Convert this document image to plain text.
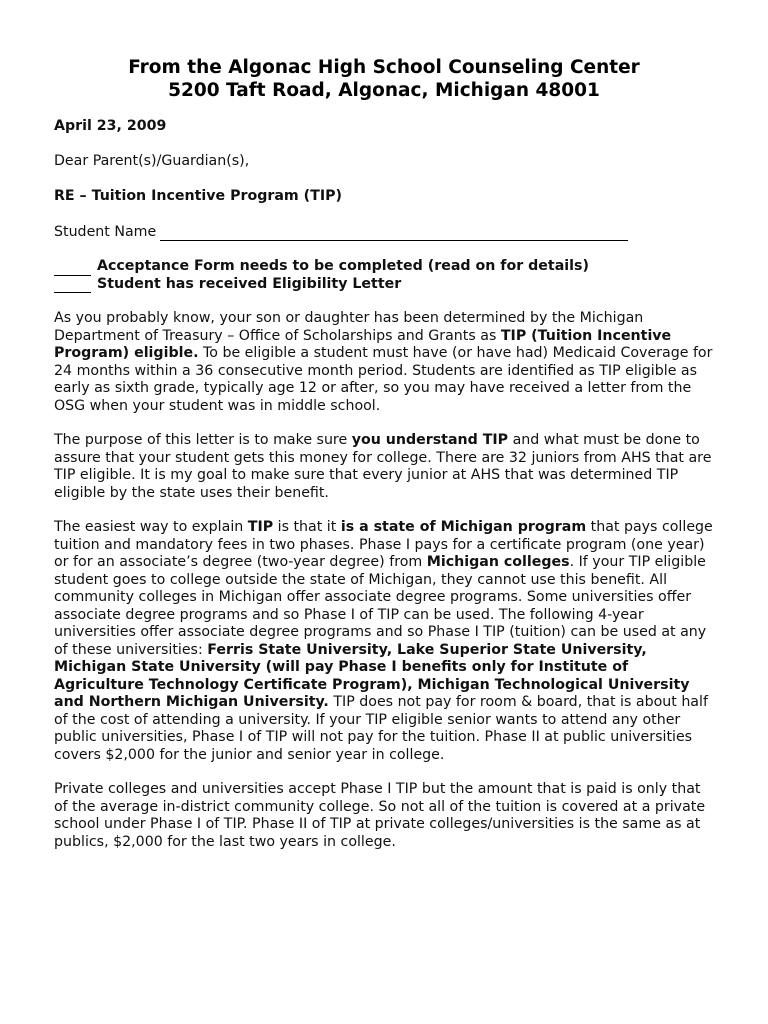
From the Algonac High School Counseling Center
5200 Taft Road, Algonac, Michigan 48001
April 23, 2009
Dear Parent(s)/Guardian(s),
RE – Tuition Incentive Program (TIP)
Student Name
Acceptance Form needs to be completed (read on for details)
Student has received Eligibility Letter

As you probably know, your son or daughter has been determined by the Michigan Department of Treasury – Office of Scholarships and Grants as TIP (Tuition Incentive Program) eligible. To be eligible a student must have (or have had) Medicaid Coverage for 24 months within a 36 consecutive month period. Students are identified as TIP eligible as early as sixth grade, typically age 12 or after, so you may have received a letter from the OSG when your student was in middle school.

The purpose of this letter is to make sure you understand TIP and what must be done to assure that your student gets this money for college. There are 32 juniors from AHS that are TIP eligible. It is my goal to make sure that every junior at AHS that was determined TIP eligible by the state uses their benefit.

The easiest way to explain TIP is that it is a state of Michigan program that pays college tuition and mandatory fees in two phases. Phase I pays for a certificate program (one year) or for an associate’s degree (two-year degree) from Michigan colleges. If your TIP eligible student goes to college outside the state of Michigan, they cannot use this benefit. All community colleges in Michigan offer associate degree programs. Some universities offer associate degree programs and so Phase I of TIP can be used. The following 4-year universities offer associate degree programs and so Phase I TIP (tuition) can be used at any of these universities: Ferris State University, Lake Superior State University, Michigan State University (will pay Phase I benefits only for Institute of Agriculture Technology Certificate Program), Michigan Technological University and Northern Michigan University. TIP does not pay for room & board, that is about half of the cost of attending a university. If your TIP eligible senior wants to attend any other public universities, Phase I of TIP will not pay for the tuition. Phase II at public universities covers $2,000 for the junior and senior year in college.

Private colleges and universities accept Phase I TIP but the amount that is paid is only that of the average in-district community college. So not all of the tuition is covered at a private school under Phase I of TIP. Phase II of TIP at private colleges/universities is the same as at publics, $2,000 for the last two years in college.
